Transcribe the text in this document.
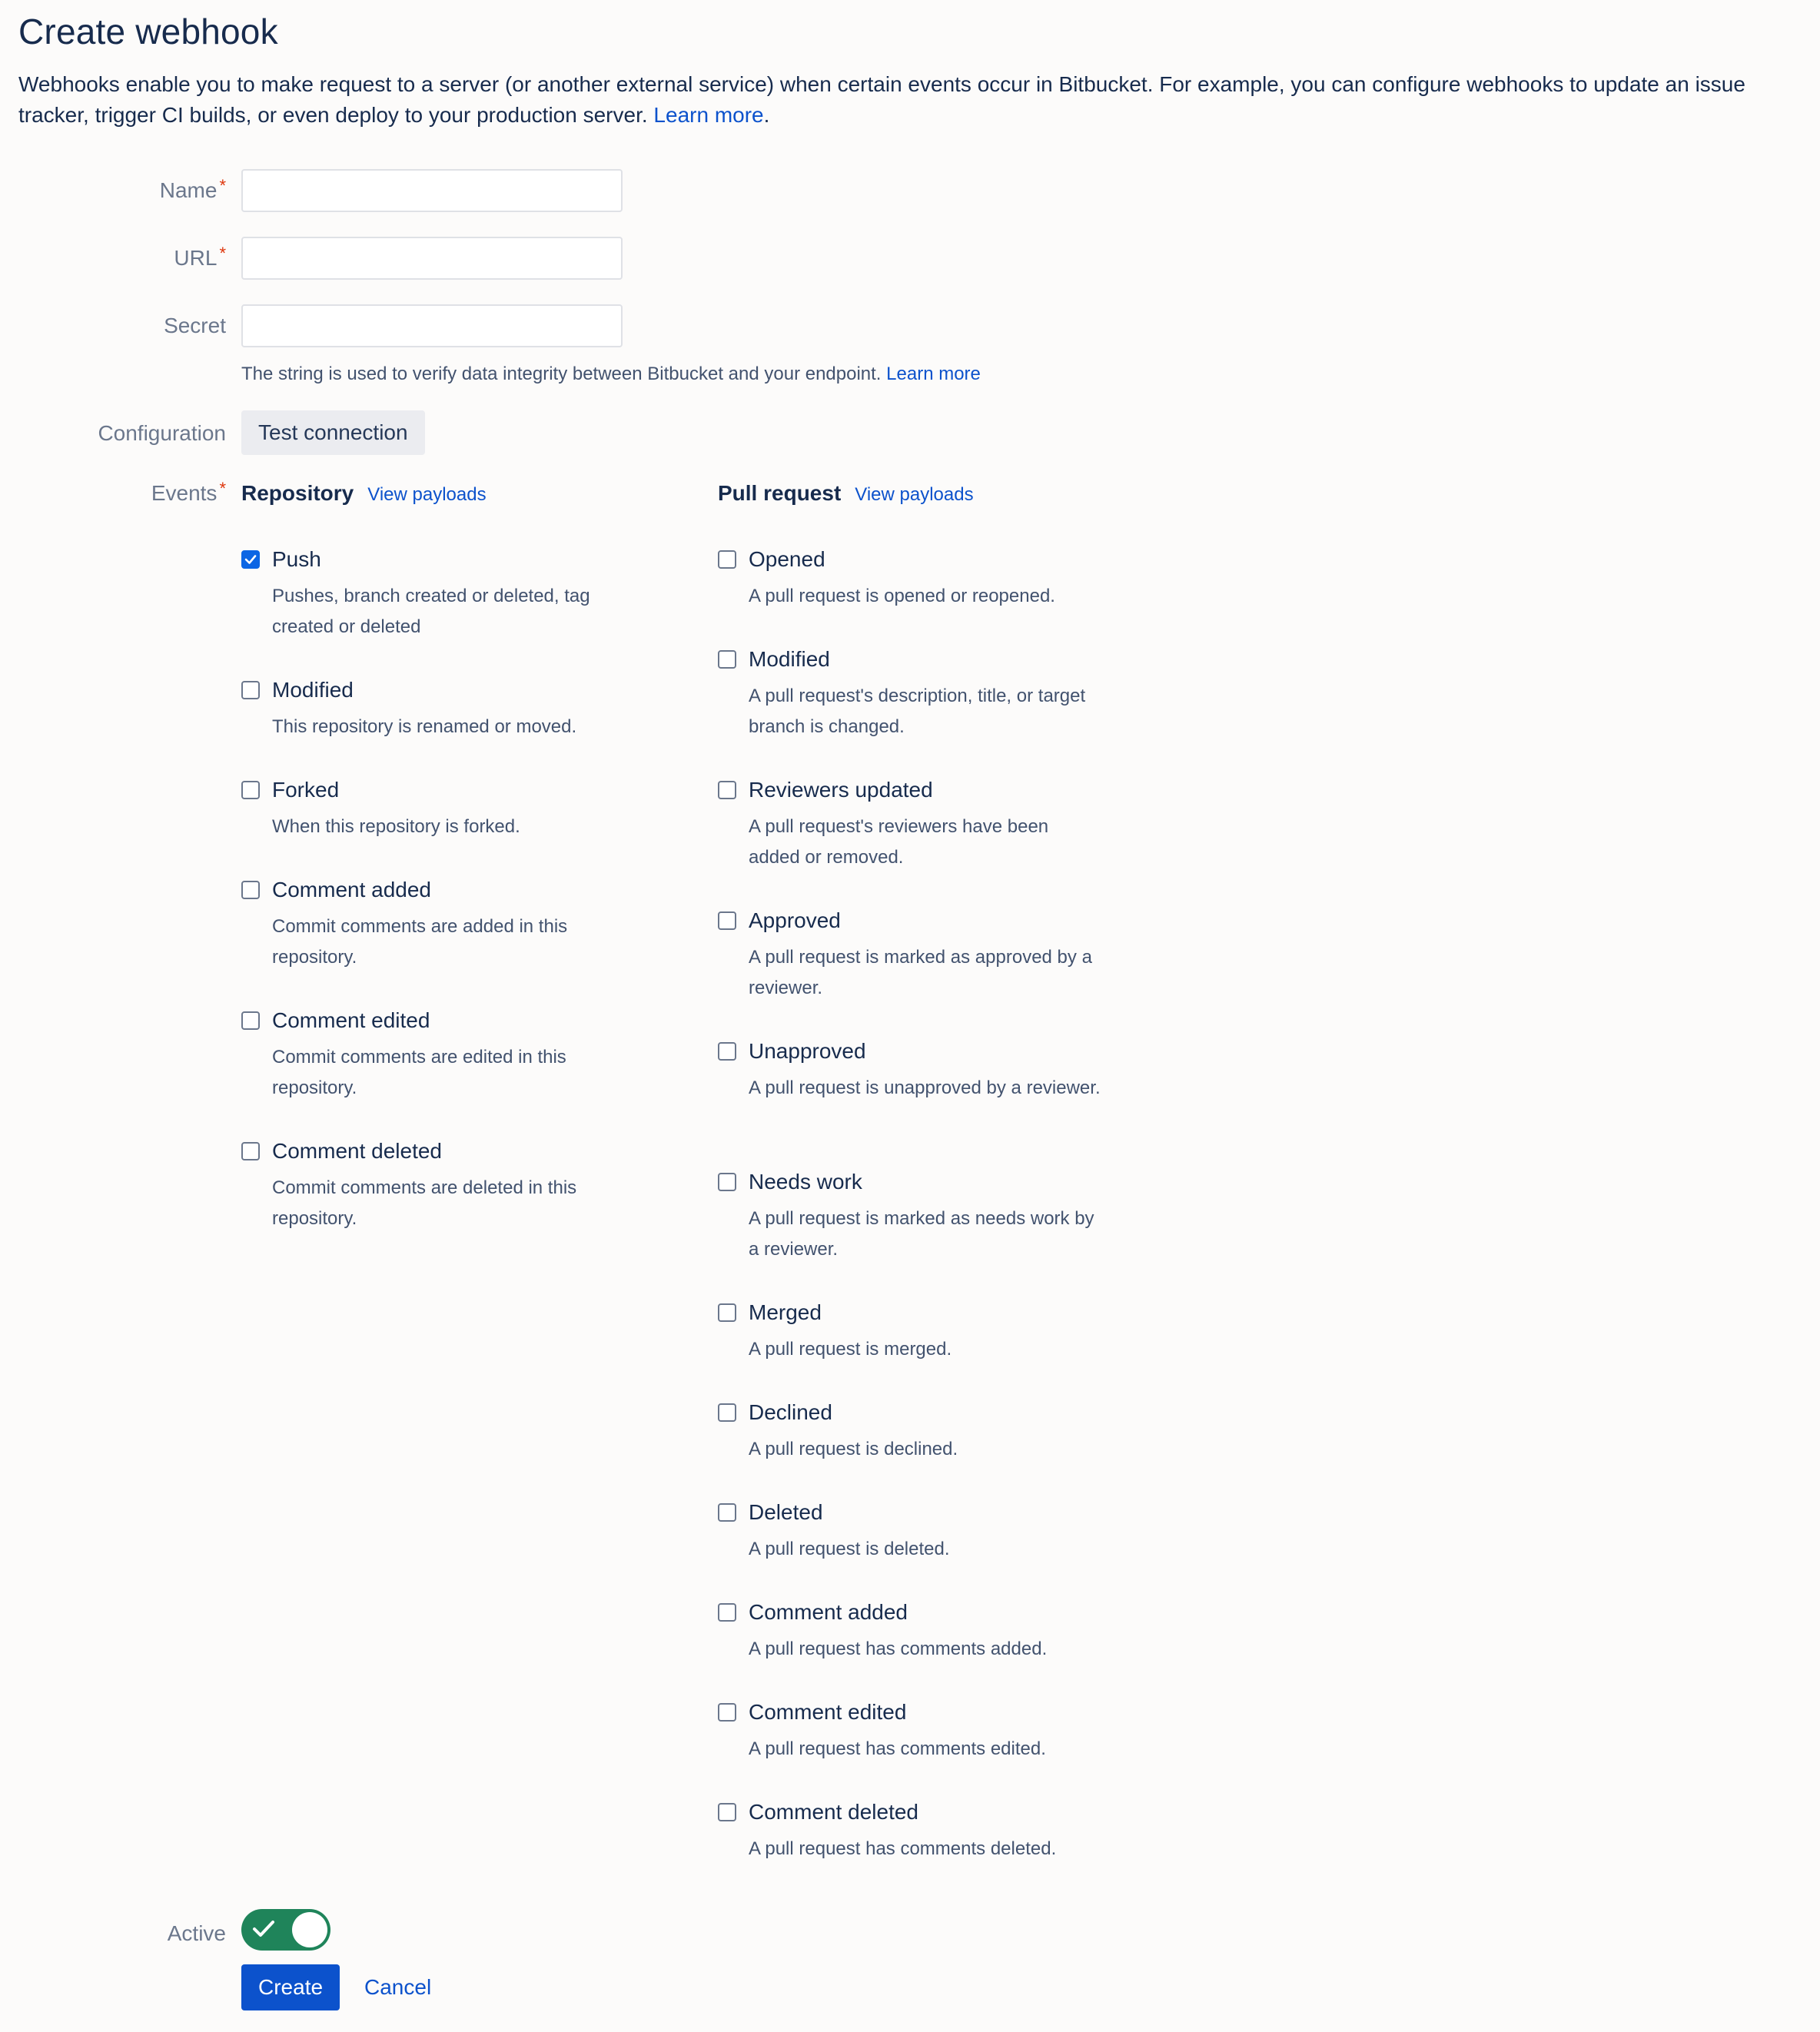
Create webhook
Webhooks enable you to make request to a server (or another external service) when certain events occur in Bitbucket. For example, you can configure webhooks to update an issue tracker, trigger CI builds, or even deploy to your production server. Learn more.
Name *
URL *
Secret
The string is used to verify data integrity between Bitbucket and your endpoint. Learn more
Configuration	Test connection
Events * Repository View payloads
Push
Pushes, branch created or deleted, tag created or deleted
Modified
This repository is renamed or moved.
Forked
When this repository is forked.
Comment added
Commit comments are added in this repository.
Comment edited
Commit comments are edited in this repository.
Comment deleted
Commit comments are deleted in this repository.
Pull request View payloads
Opened
A pull request is opened or reopened.
Modified
A pull request's description, title, or target branch is changed.
Reviewers updated
A pull request's reviewers have been added or removed.
Approved
A pull request is marked as approved by a reviewer.
Unapproved
A pull request is unapproved by a reviewer.
Needs work
A pull request is marked as needs work by a reviewer.
Merged
A pull request is merged.
Declined
A pull request is declined.
Deleted
A pull request is deleted.
Comment added
A pull request has comments added.
Comment edited
A pull request has comments edited.
Comment deleted
A pull request has comments deleted.
Active
Create	Cancel
